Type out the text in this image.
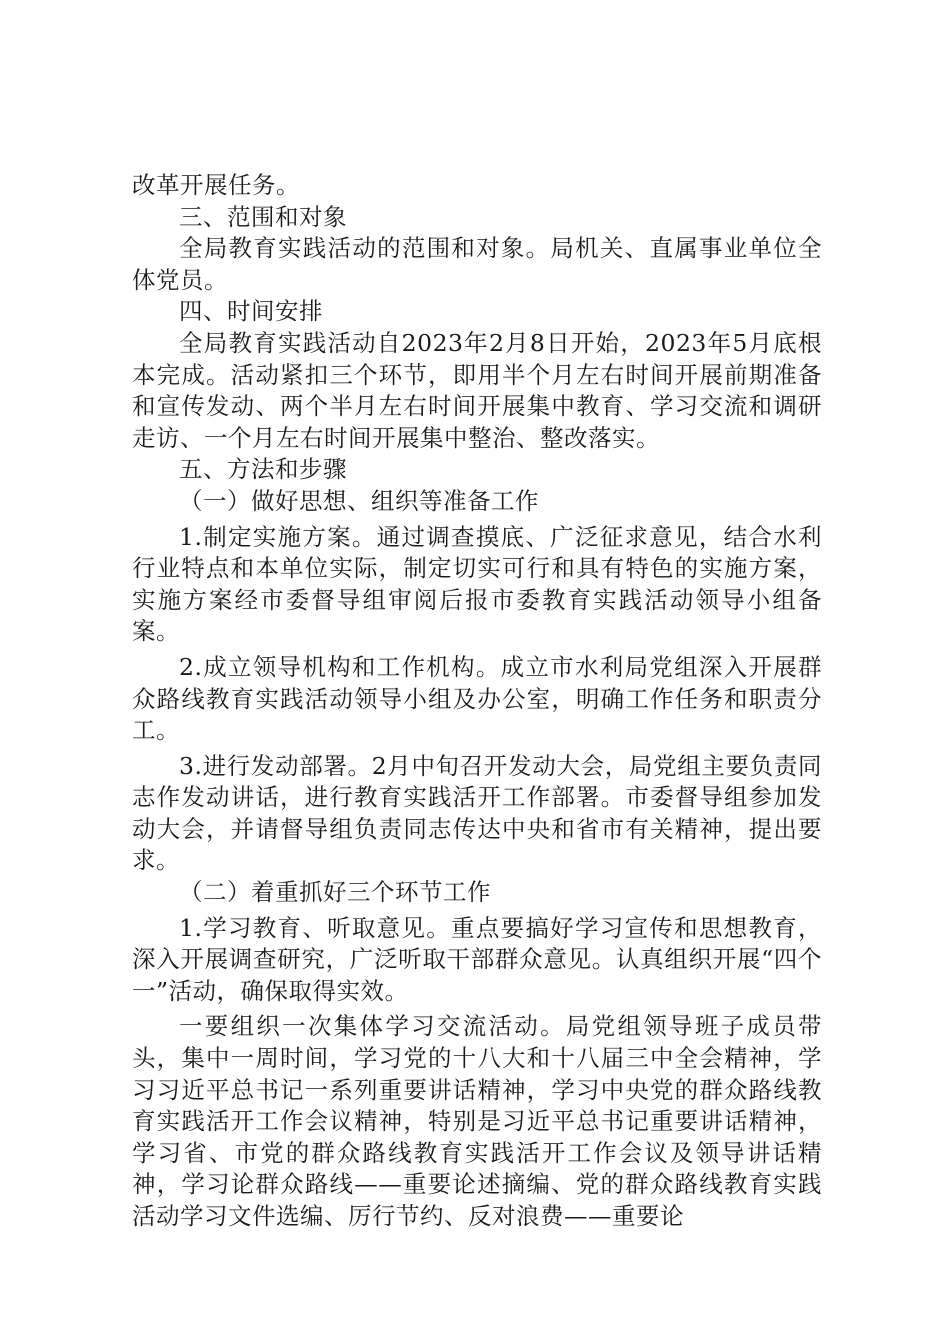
改革开展任务。

三、范围和对象

全局教育实践活动的范围和对象。局机关、直属事业单位全体党员。

四、时间安排

全局教育实践活动自2023年2月8日开始，2023年5月底根本完成。活动紧扣三个环节，即用半个月左右时间开展前期准备和宣传发动、两个半月左右时间开展集中教育、学习交流和调研走访、一个月左右时间开展集中整治、整改落实。

五、方法和步骤

（一）做好思想、组织等准备工作

1.制定实施方案。通过调查摸底、广泛征求意见，结合水利行业特点和本单位实际，制定切实可行和具有特色的实施方案，实施方案经市委督导组审阅后报市委教育实践活动领导小组备案。

2.成立领导机构和工作机构。成立市水利局党组深入开展群众路线教育实践活动领导小组及办公室，明确工作任务和职责分工。

3.进行发动部署。2月中旬召开发动大会，局党组主要负责同志作发动讲话，进行教育实践活开工作部署。市委督导组参加发动大会，并请督导组负责同志传达中央和省市有关精神，提出要求。

（二）着重抓好三个环节工作

1.学习教育、听取意见。重点要搞好学习宣传和思想教育，深入开展调查研究，广泛听取干部群众意见。认真组织开展“四个一”活动，确保取得实效。

一要组织一次集体学习交流活动。局党组领导班子成员带头，集中一周时间，学习党的十八大和十八届三中全会精神，学习习近平总书记一系列重要讲话精神，学习中央党的群众路线教育实践活开工作会议精神，特别是习近平总书记重要讲话精神，学习省、市党的群众路线教育实践活开工作会议及领导讲话精神，学习论群众路线——重要论述摘编、党的群众路线教育实践活动学习文件选编、厉行节约、反对浪费——重要论
